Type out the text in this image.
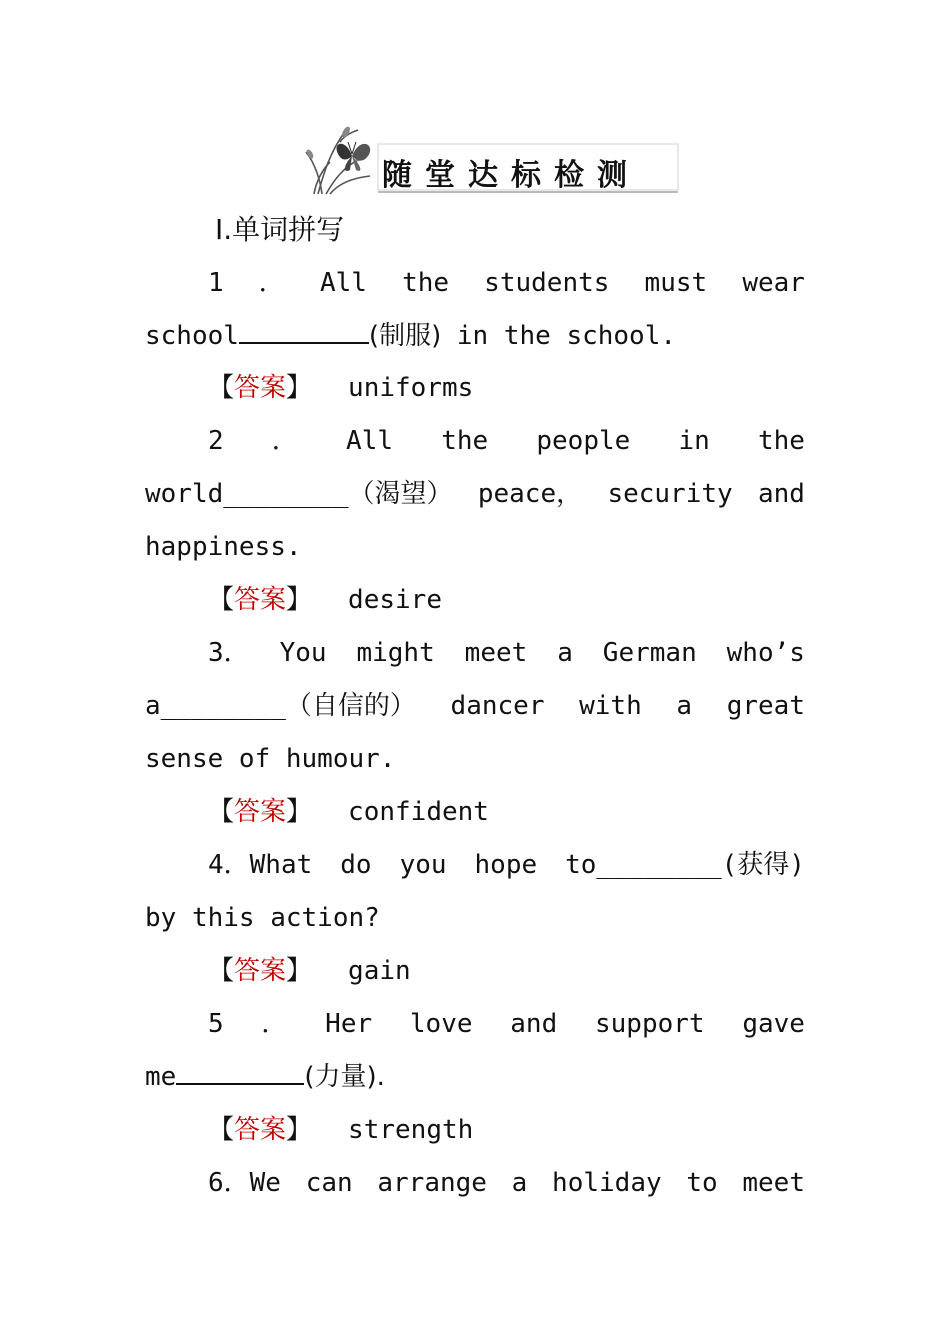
随堂达标检测
Ⅰ.单词拼写
1 ． All the students must wear
school	(制服) in the school.
【答案】 uniforms
2 ． All the people in the
world________（渴望） peace， security and
happiness.
【答案】 desire
3． You might meet a German who’s
a________（自信的） dancer with a great
sense of humour.
【答案】 confident
4．What do you hope to________(获得)
by this action?
【答案】 gain
5 ． Her love and support gave
me	(力量).
【答案】 strength
6．We can arrange a holiday to meet
